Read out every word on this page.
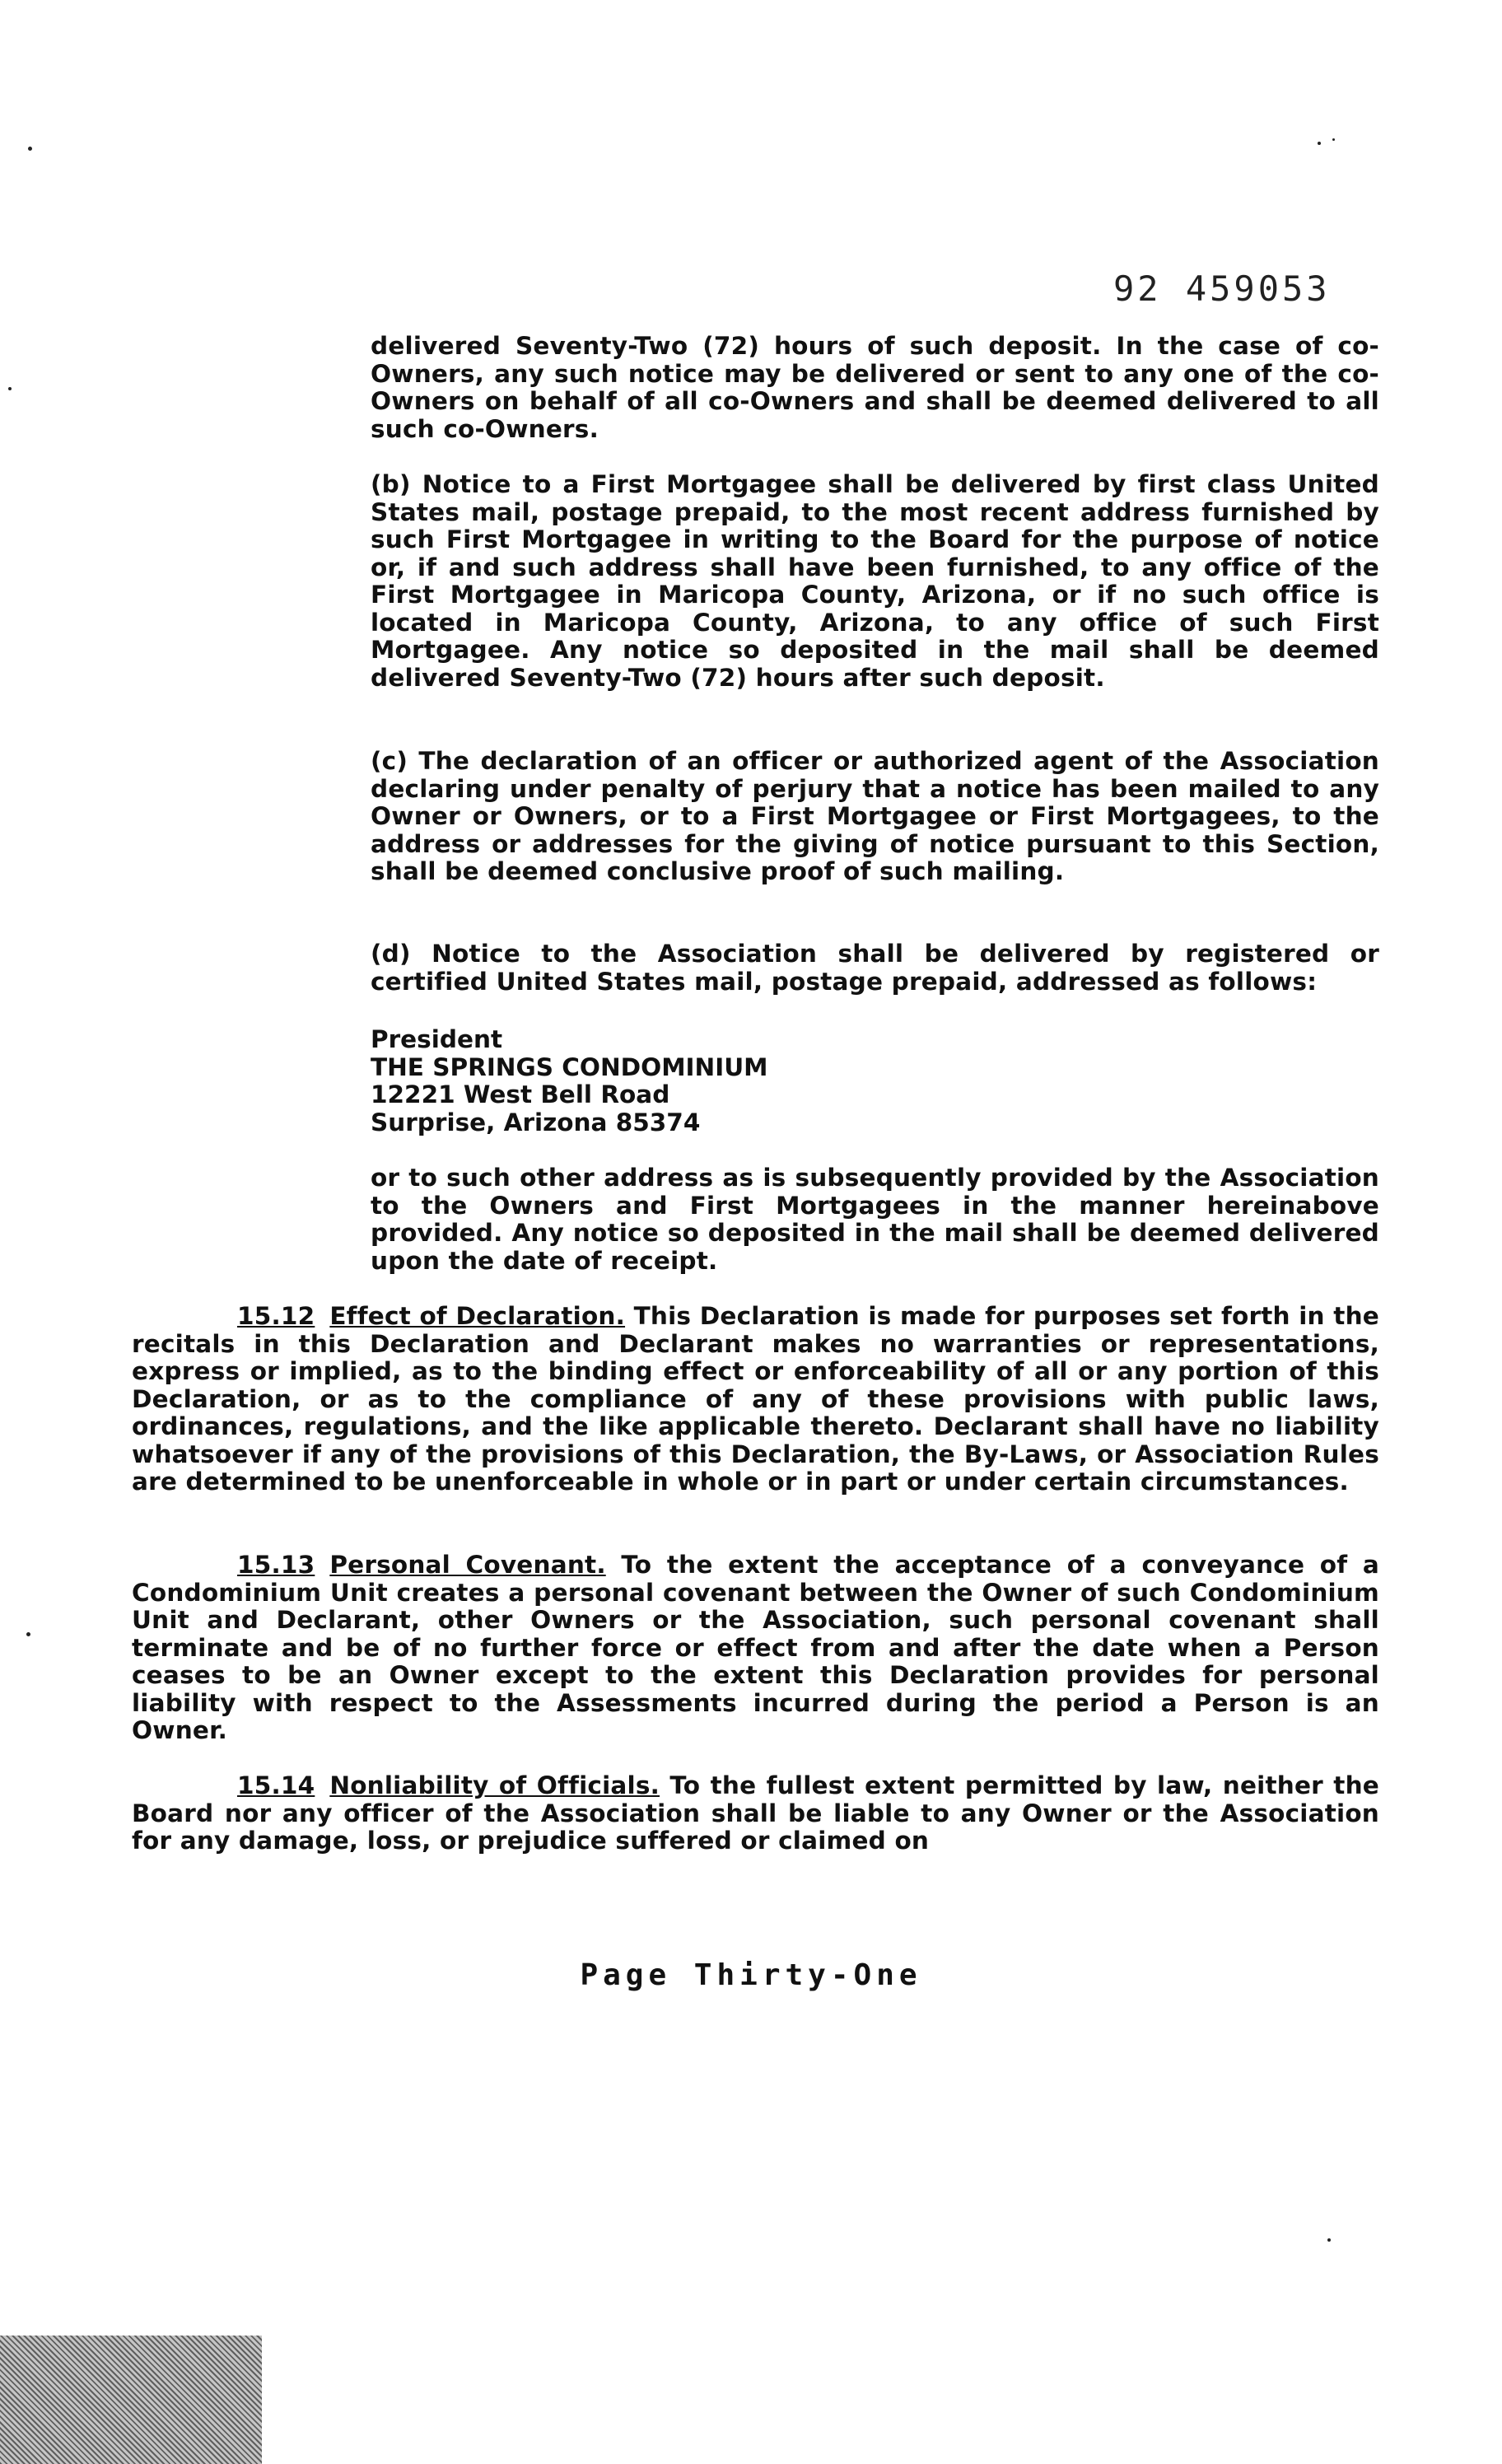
92 459053

delivered Seventy-Two (72) hours of such deposit. In the case of co-Owners, any such notice may be delivered or sent to any one of the co-Owners on behalf of all co-Owners and shall be deemed delivered to all such co-Owners.

(b) Notice to a First Mortgagee shall be delivered by first class United States mail, postage prepaid, to the most recent address furnished by such First Mortgagee in writing to the Board for the purpose of notice or, if and such address shall have been furnished, to any office of the First Mortgagee in Maricopa County, Arizona, or if no such office is located in Maricopa County, Arizona, to any office of such First Mortgagee. Any notice so deposited in the mail shall be deemed delivered Seventy-Two (72) hours after such deposit.

(c) The declaration of an officer or authorized agent of the Association declaring under penalty of perjury that a notice has been mailed to any Owner or Owners, or to a First Mortgagee or First Mortgagees, to the address or addresses for the giving of notice pursuant to this Section, shall be deemed conclusive proof of such mailing.

(d) Notice to the Association shall be delivered by registered or certified United States mail, postage prepaid, addressed as follows:

President
THE SPRINGS CONDOMINIUM
12221 West Bell Road
Surprise, Arizona 85374

or to such other address as is subsequently provided by the Association to the Owners and First Mortgagees in the manner hereinabove provided. Any notice so deposited in the mail shall be deemed delivered upon the date of receipt.

15.12 Effect of Declaration. This Declaration is made for purposes set forth in the recitals in this Declaration and Declarant makes no warranties or representations, express or implied, as to the binding effect or enforceability of all or any portion of this Declaration, or as to the compliance of any of these provisions with public laws, ordinances, regulations, and the like applicable thereto. Declarant shall have no liability whatsoever if any of the provisions of this Declaration, the By-Laws, or Association Rules are determined to be unenforceable in whole or in part or under certain circumstances.

15.13 Personal Covenant. To the extent the acceptance of a conveyance of a Condominium Unit creates a personal covenant between the Owner of such Condominium Unit and Declarant, other Owners or the Association, such personal covenant shall terminate and be of no further force or effect from and after the date when a Person ceases to be an Owner except to the extent this Declaration provides for personal liability with respect to the Assessments incurred during the period a Person is an Owner.

15.14 Nonliability of Officials. To the fullest extent permitted by law, neither the Board nor any officer of the Association shall be liable to any Owner or the Association for any damage, loss, or prejudice suffered or claimed on

Page Thirty-One
